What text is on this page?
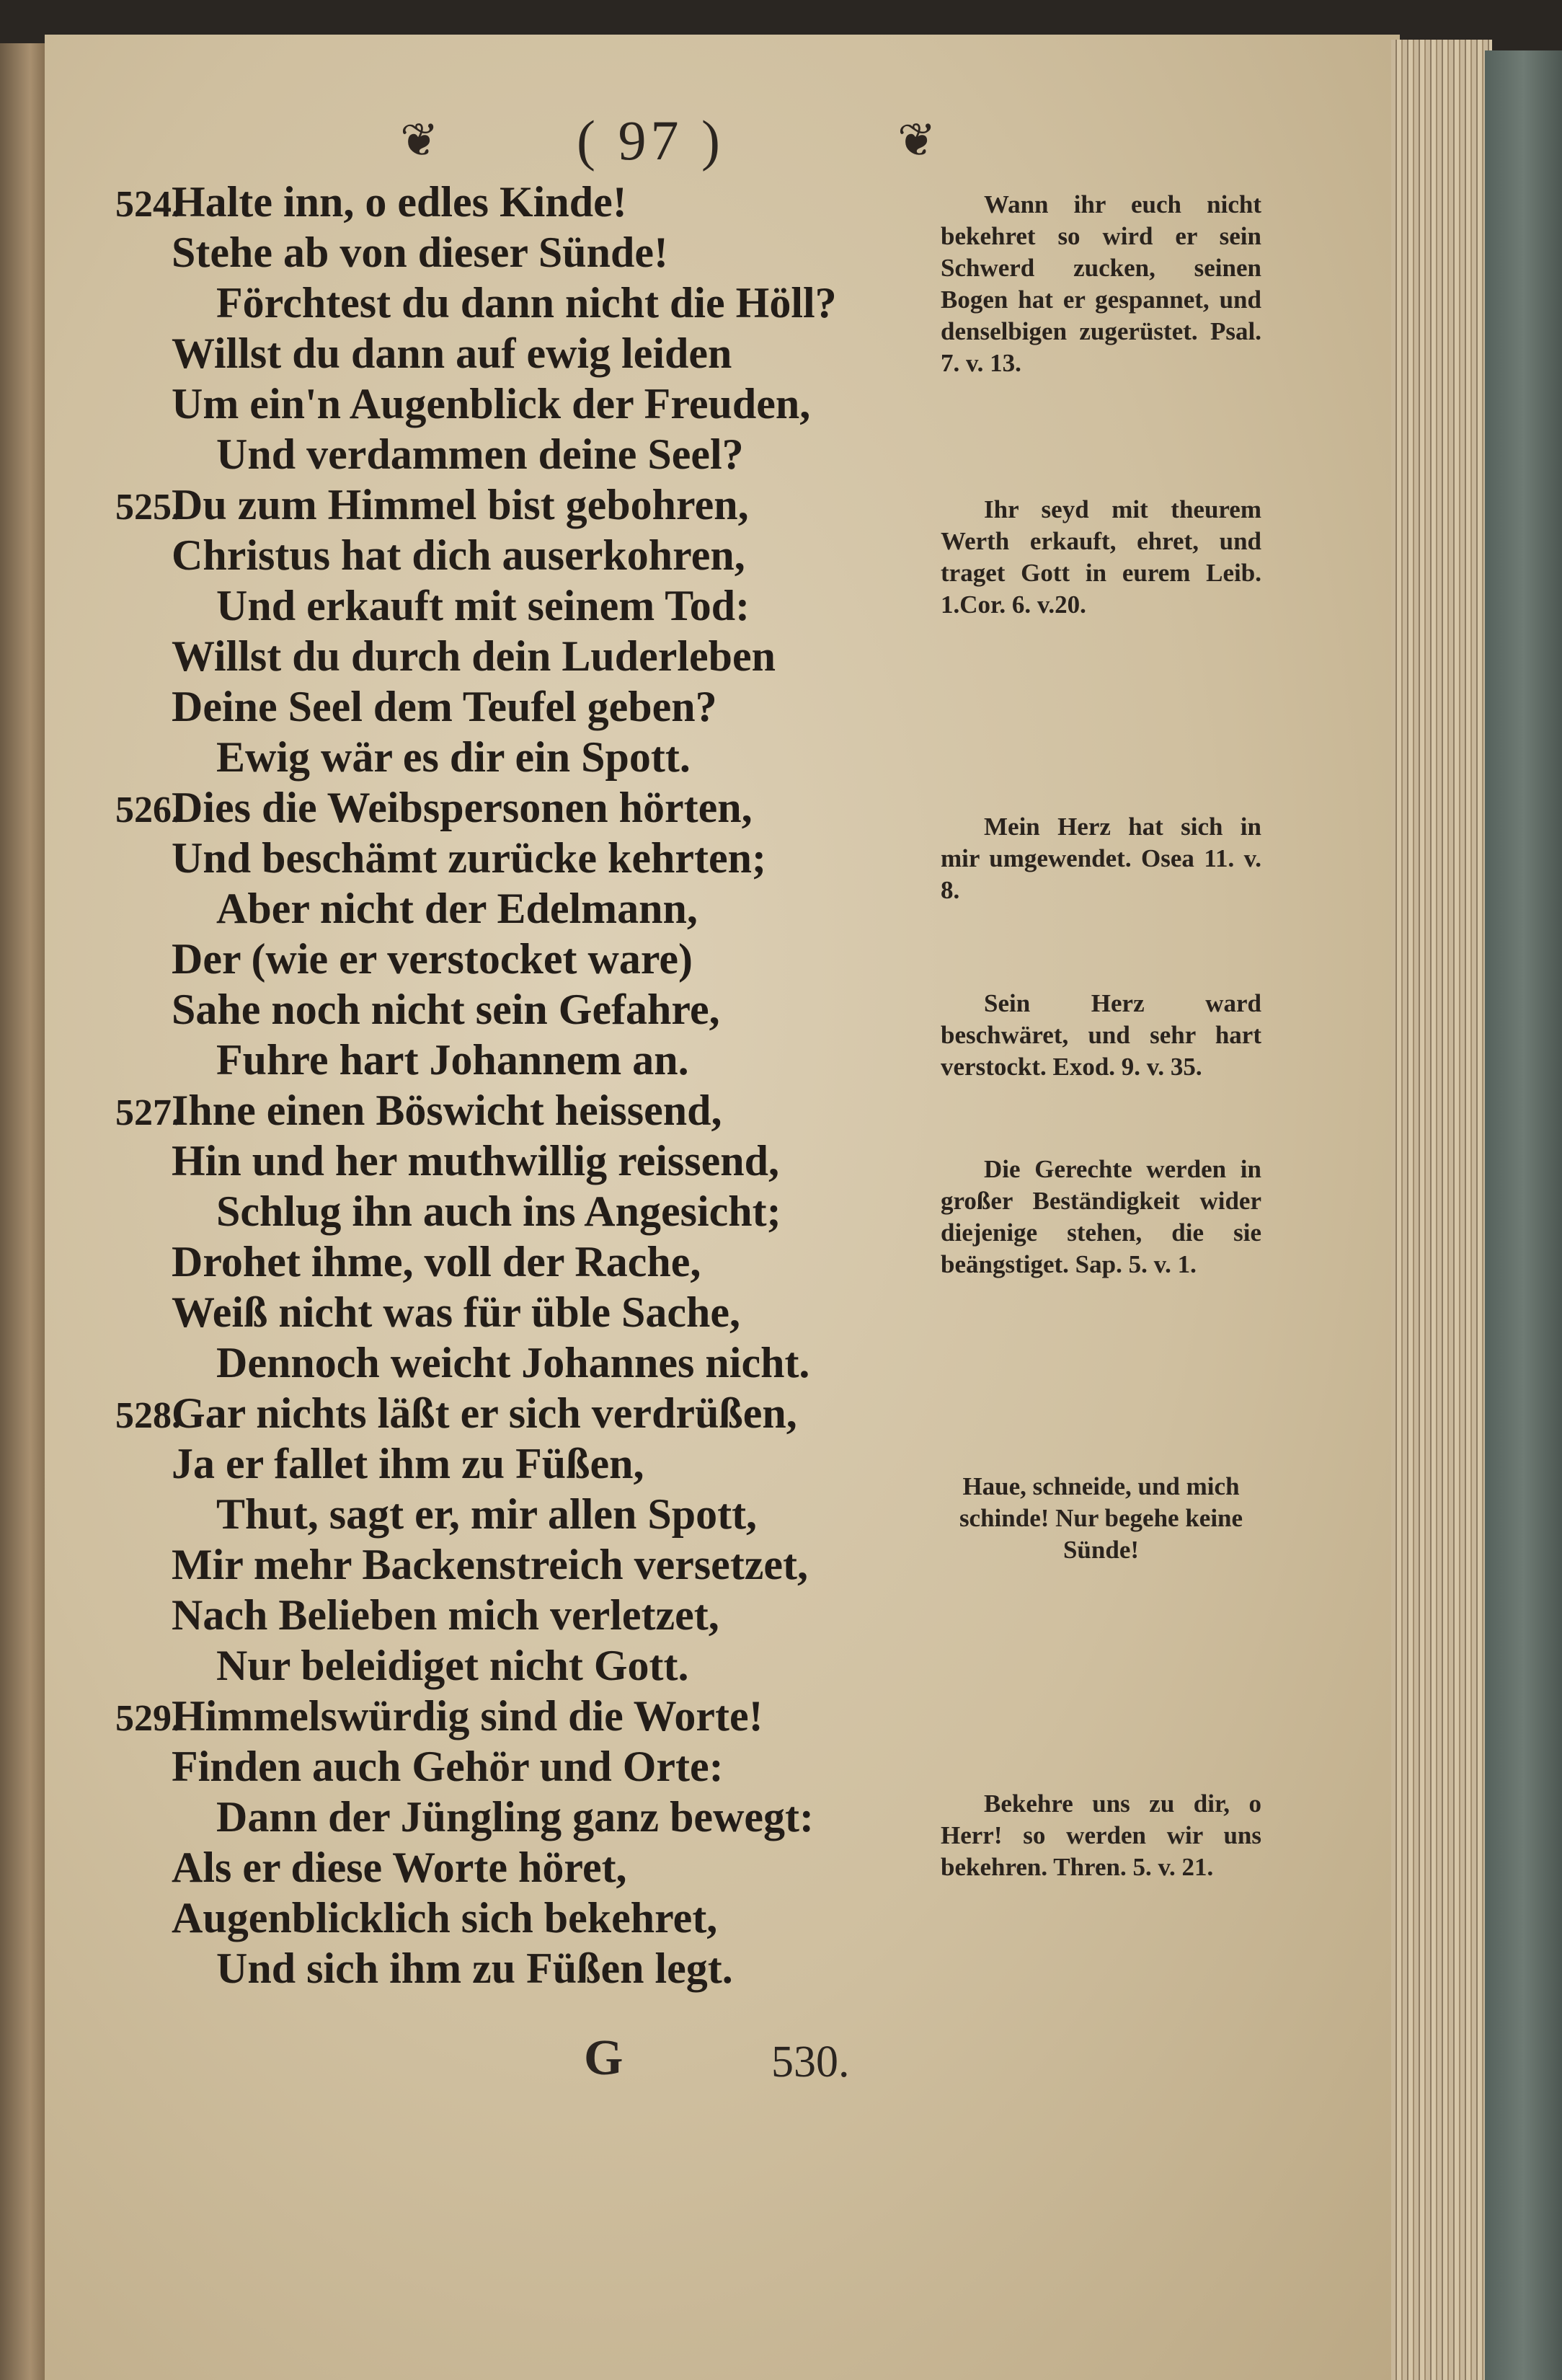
❦ ( 97 )	❦
524.Halte inn, o edles Kinde!
Stehe ab von dieser Sünde!
Förchtest du dann nicht die Höll?
Willst du dann auf ewig leiden
Um ein'n Augenblick der Freuden,
Und verdammen deine Seel?
525.Du zum Himmel bist gebohren,
Christus hat dich auserkohren,
Und erkauft mit seinem Tod:
Willst du durch dein Luderleben
Deine Seel dem Teufel geben?
Ewig wär es dir ein Spott.
526.Dies die Weibspersonen hörten,
Und beschämt zurücke kehrten;
Aber nicht der Edelmann,
Der (wie er verstocket ware)
Sahe noch nicht sein Gefahre,
Fuhre hart Johannem an.
527.Ihne einen Böswicht heissend,
Hin und her muthwillig reissend,
Schlug ihn auch ins Angesicht;
Drohet ihme, voll der Rache,
Weiß nicht was für üble Sache,
Dennoch weicht Johannes nicht.
528.Gar nichts läßt er sich verdrüßen,
Ja er fallet ihm zu Füßen,
Thut, sagt er, mir allen Spott,
Mir mehr Backenstreich versetzet,
Nach Belieben mich verletzet,
Nur beleidiget nicht Gott.
529.Himmelswürdig sind die Worte!
Finden auch Gehör und Orte:
Dann der Jüngling ganz bewegt:
Als er diese Worte höret,
Augenblicklich sich bekehret,
Und sich ihm zu Füßen legt.
Wann ihr euch nicht bekehret so wird er sein Schwerd zucken, seinen Bogen hat er gespannet, und denselbigen zugerüstet. Psal. 7. v. 13.
Ihr seyd mit theurem Werth erkauft, ehret, und traget Gott in eurem Leib. 1.Cor. 6. v.20.
Mein Herz hat sich in mir umgewendet. Osea 11. v. 8.
Sein Herz ward beschwäret, und sehr hart verstockt. Exod. 9. v. 35.
Die Gerechte werden in großer Beständigkeit wider diejenige stehen, die sie beängstiget. Sap. 5. v. 1.
Haue, schneide, und mich schinde! Nur begehe keine Sünde!
Bekehre uns zu dir, o Herr! so werden wir uns bekehren. Thren. 5. v. 21.
G	530.
